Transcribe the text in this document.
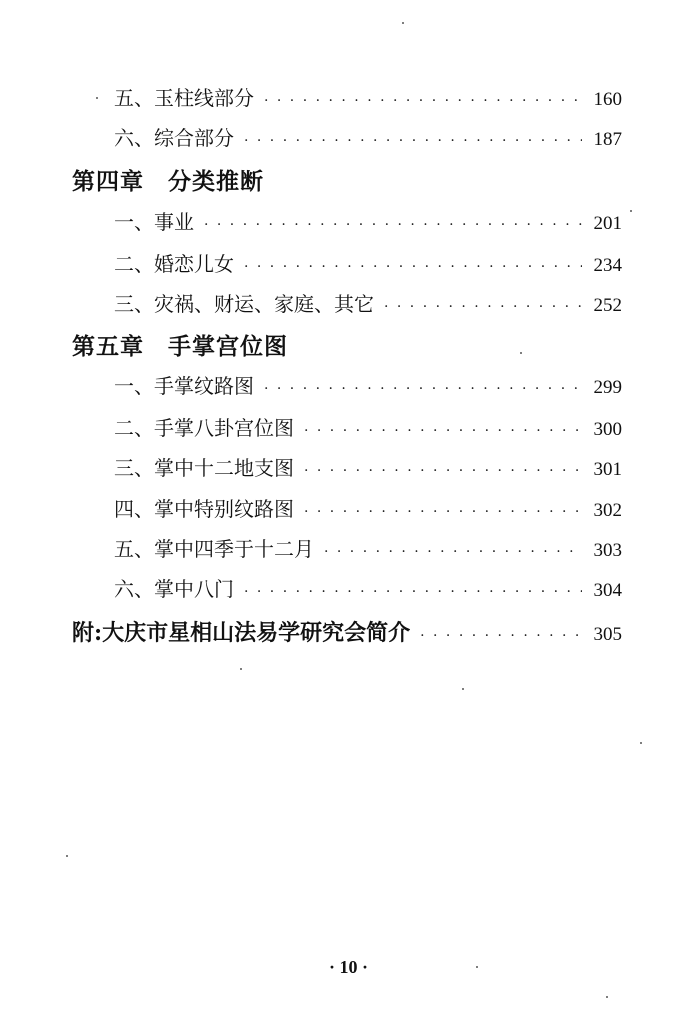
五、玉柱线部分 · · ·	160
六、综合部分 · · ·	187
第四章　分类推断
一、事业 · · ·	201
二、婚恋儿女 · · ·	234
三、灾祸、财运、家庭、其它 · · ·	252
第五章　手掌宫位图
一、手掌纹路图 · · ·	299
二、手掌八卦宫位图 · · ·	300
三、掌中十二地支图 · · ·	301
四、掌中特别纹路图 · · ·	302
五、掌中四季于十二月 · · ·	303
六、掌中八门 · · ·	304
附:大庆市星相山法易学研究会简介 · · ·	305
· 10 ·
